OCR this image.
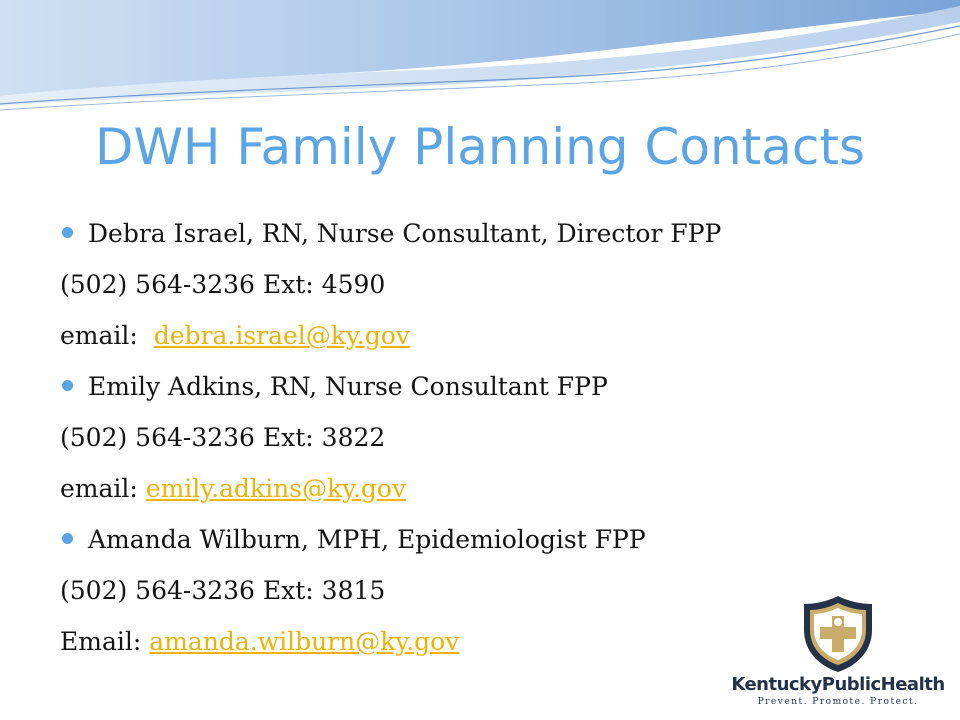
DWH Family Planning Contacts
Debra Israel, RN, Nurse Consultant, Director FPP
(502) 564-3236 Ext: 4590
email:  debra.israel@ky.gov
Emily Adkins, RN, Nurse Consultant FPP
(502) 564-3236 Ext: 3822
email: emily.adkins@ky.gov
Amanda Wilburn, MPH, Epidemiologist FPP
(502) 564-3236 Ext: 3815
Email: amanda.wilburn@ky.gov
KentuckyPublicHealth
Prevent. Promote. Protect.
